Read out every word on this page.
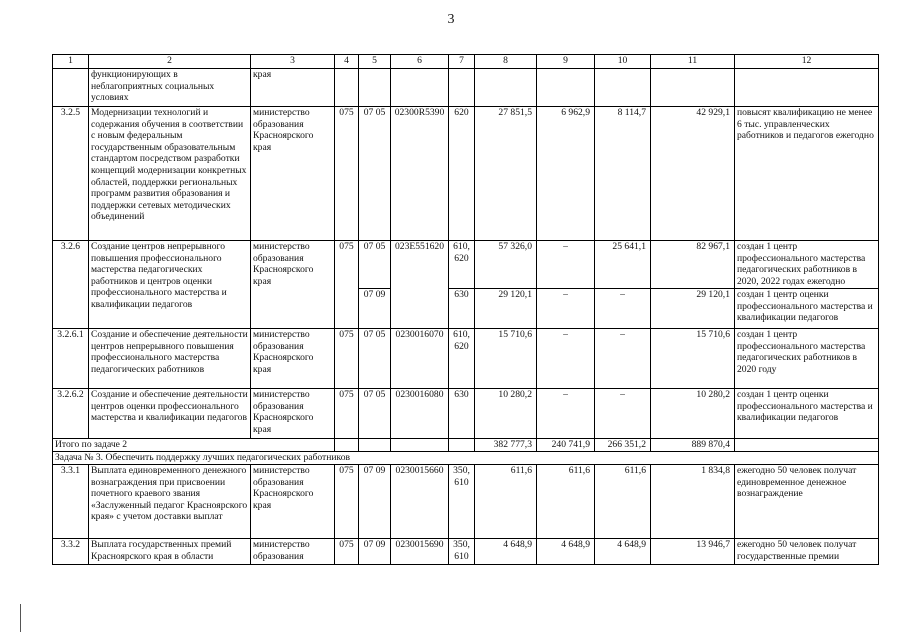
3
1	2	3	4	5	6	7	8	9	10	11	12
	функционирующих в неблагоприятных социальных условиях	края									
3.2.5	Модернизации технологий и содержания обучения в соответствии с новым федеральным государственным образовательным стандартом посредством разработки концепций модернизации конкретных областей, поддержки региональных программ развития образования и поддержки сетевых методических объединений	министерство образования Красноярского края	075	07 05	02300R5390	620	27 851,5	6 962,9	8 114,7	42 929,1	повысят квалификацию не менее 6 тыс. управленческих работников и педагогов ежегодно
3.2.6	Создание центров непрерывного повышения профессионального мастерства педагогических работников и центров оценки профессионального мастерства и квалификации педагогов	министерство образования Красноярского края	075	07 05	023E551620	610, 620	57 326,0	–	25 641,1	82 967,1	создан 1 центр профессионального мастерства педагогических работников в 2020, 2022 годах ежегодно
				07 09		630	29 120,1	–	–	29 120,1	создан 1 центр оценки профессионального мастерства и квалификации педагогов
3.2.6.1	Создание и обеспечение деятельности центров непрерывного повышения профессионального мастерства педагогических работников	министерство образования Красноярского края	075	07 05	0230016070	610, 620	15 710,6	–	–	15 710,6	создан 1 центр профессионального мастерства педагогических работников в 2020 году
3.2.6.2	Создание и обеспечение деятельности центров оценки профессионального мастерства и квалификации педагогов	министерство образования Красноярского края	075	07 05	0230016080	630	10 280,2	–	–	10 280,2	создан 1 центр оценки профессионального мастерства и квалификации педагогов
Итого по задаче 2							382 777,3	240 741,9	266 351,2	889 870,4	
Задача № 3. Обеспечить поддержку лучших педагогических работников											
3.3.1	Выплата единовременного денежного вознаграждения при присвоении почетного краевого звания «Заслуженный педагог Красноярского края» с учетом доставки выплат	министерство образования Красноярского края	075	07 09	0230015660	350, 610	611,6	611,6	611,6	1 834,8	ежегодно 50 человек получат единовременное денежное вознаграждение
3.3.2	Выплата государственных премий Красноярского края в области	министерство образования	075	07 09	0230015690	350, 610	4 648,9	4 648,9	4 648,9	13 946,7	ежегодно 50 человек получат государственные премии
